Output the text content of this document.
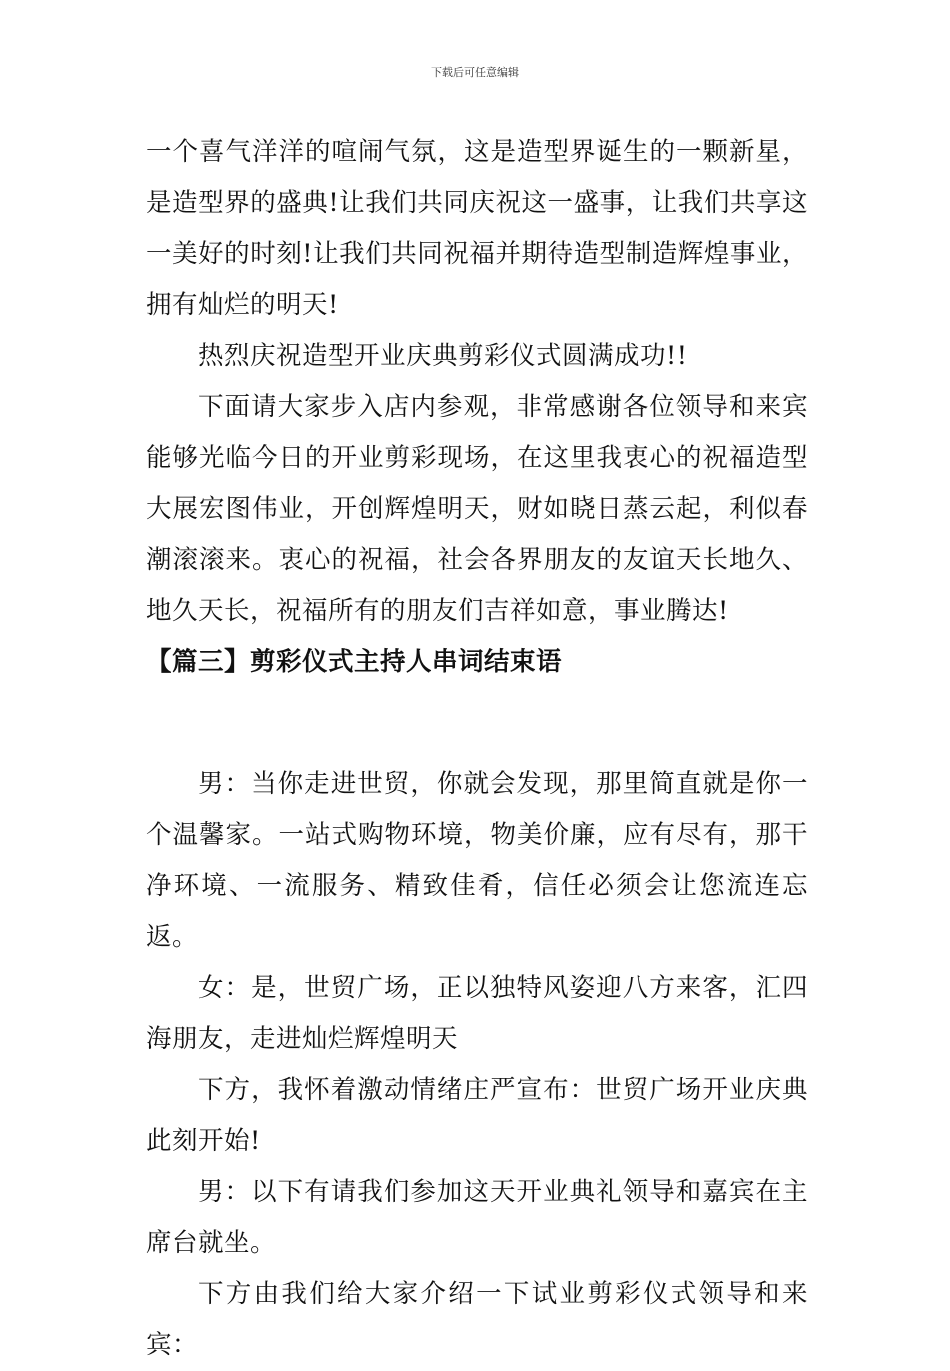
下载后可任意编辑

一个喜气洋洋的喧闹气氛，这是造型界诞生的一颗新星，是造型界的盛典!让我们共同庆祝这一盛事，让我们共享这一美好的时刻!让我们共同祝福并期待造型制造辉煌事业，拥有灿烂的明天!

热烈庆祝造型开业庆典剪彩仪式圆满成功!!

下面请大家步入店内参观，非常感谢各位领导和来宾能够光临今日的开业剪彩现场，在这里我衷心的祝福造型大展宏图伟业，开创辉煌明天，财如晓日蒸云起，利似春潮滚滚来。衷心的祝福，社会各界朋友的友谊天长地久、地久天长，祝福所有的朋友们吉祥如意，事业腾达!

【篇三】剪彩仪式主持人串词结束语

男：当你走进世贸，你就会发现，那里简直就是你一个温馨家。一站式购物环境，物美价廉，应有尽有，那干净环境、一流服务、精致佳肴，信任必须会让您流连忘返。

女：是，世贸广场，正以独特风姿迎八方来客，汇四海朋友，走进灿烂辉煌明天

下方，我怀着激动情绪庄严宣布：世贸广场开业庆典此刻开始!

男：以下有请我们参加这天开业典礼领导和嘉宾在主席台就坐。

下方由我们给大家介绍一下试业剪彩仪式领导和来宾：
